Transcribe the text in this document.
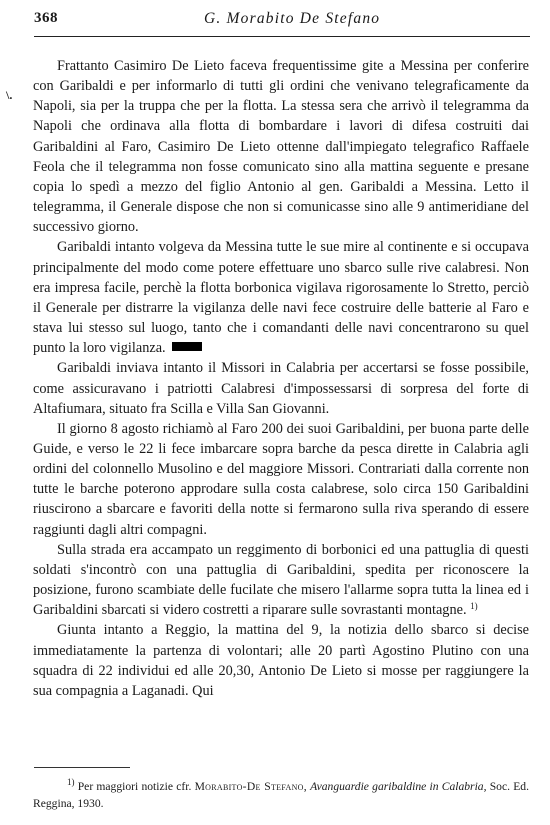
368	G. Morabito De Stefano
\.

Frattanto Casimiro De Lieto faceva frequentissime gite a Messina per conferire con Garibaldi e per informarlo di tutti gli ordini che venivano telegraficamente da Napoli, sia per la truppa che per la flotta. La stessa sera che arrivò il telegramma da Napoli che ordinava alla flotta di bombardare i lavori di difesa costruiti dai Garibaldini al Faro, Casimiro De Lieto ottenne dall'impiegato telegrafico Raffaele Feola che il telegramma non fosse comunicato sino alla mattina seguente e presane copia lo spedì a mezzo del figlio Antonio al gen. Garibaldi a Messina. Letto il telegramma, il Generale dispose che non si comunicasse sino alle 9 antimeridiane del successivo giorno.

Garibaldi intanto volgeva da Messina tutte le sue mire al continente e si occupava principalmente del modo come potere effettuare uno sbarco sulle rive calabresi. Non era impresa facile, perchè la flotta borbonica vigilava rigorosamente lo Stretto, perciò il Generale per distrarre la vigilanza delle navi fece costruire delle batterie al Faro e stava lui stesso sul luogo, tanto che i comandanti delle navi concentrarono su quel punto la loro vigilanza.

Garibaldi inviava intanto il Missori in Calabria per accertarsi se fosse possibile, come assicuravano i patriotti Calabresi d'impossessarsi di sorpresa del forte di Altafiumara, situato fra Scilla e Villa San Giovanni.

Il giorno 8 agosto richiamò al Faro 200 dei suoi Garibaldini, per buona parte delle Guide, e verso le 22 li fece imbarcare sopra barche da pesca dirette in Calabria agli ordini del colonnello Musolino e del maggiore Missori. Contrariati dalla corrente non tutte le barche poterono approdare sulla costa calabrese, solo circa 150 Garibaldini riuscirono a sbarcare e favoriti della notte si fermarono sulla riva sperando di essere raggiunti dagli altri compagni.

Sulla strada era accampato un reggimento di borbonici ed una pattuglia di questi soldati s'incontrò con una pattuglia di Garibaldini, spedita per riconoscere la posizione, furono scambiate delle fucilate che misero l'allarme sopra tutta la linea ed i Garibaldini sbarcati si videro costretti a riparare sulle sovrastanti montagne. $^{1)}$

Giunta intanto a Reggio, la mattina del 9, la notizia dello sbarco si decise immediatamente la partenza di volontari; alle 20 partì Agostino Plutino con una squadra di 22 individui ed alle 20,30, Antonio De Lieto si mosse per raggiungere la sua compagnia a Laganadi. Qui

$^{1)}$ Per maggiori notizie cfr. Morabito-De Stefano, Avanguardie garibaldine in Calabria, Soc. Ed. Reggina, 1930.
